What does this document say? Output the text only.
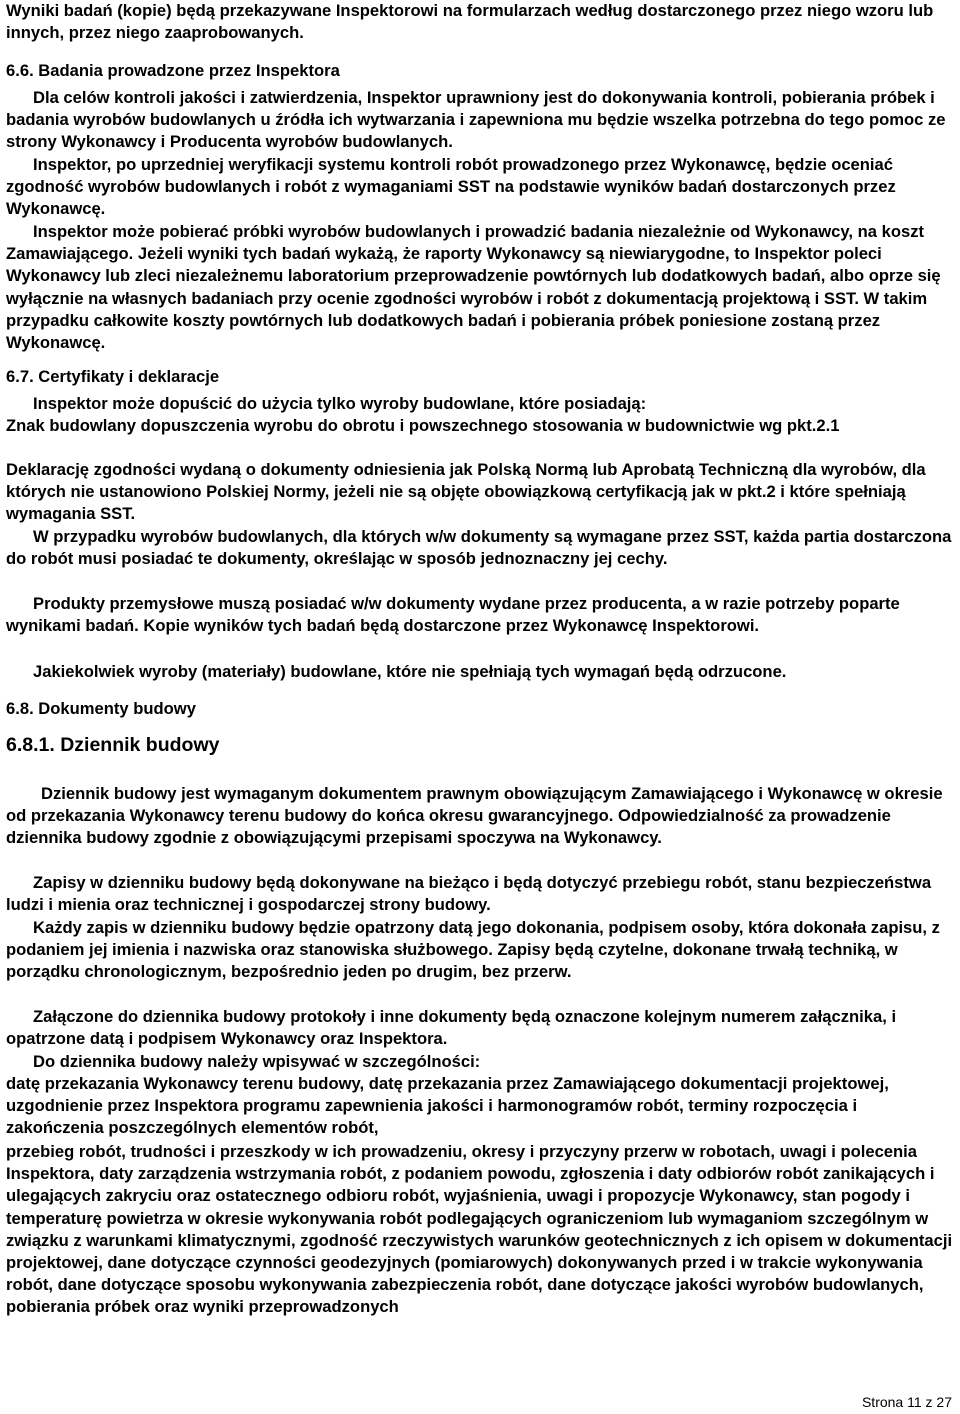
Wyniki badań (kopie) będą przekazywane Inspektorowi na formularzach według dostarczonego przez niego wzoru lub innych, przez niego zaaprobowanych.

6.6. Badania prowadzone przez Inspektora

Dla celów kontroli jakości i zatwierdzenia, Inspektor uprawniony jest do dokonywania kontroli, pobierania próbek i badania wyrobów budowlanych u źródła ich wytwarzania i zapewniona mu będzie wszelka potrzebna do tego pomoc ze strony Wykonawcy i Producenta wyrobów budowlanych.

Inspektor, po uprzedniej weryfikacji systemu kontroli robót prowadzonego przez Wykonawcę, będzie oceniać zgodność wyrobów budowlanych i robót z wymaganiami SST na podstawie wyników badań dostarczonych przez Wykonawcę.

Inspektor może pobierać próbki wyrobów budowlanych i prowadzić badania niezależnie od Wykonawcy, na koszt Zamawiającego. Jeżeli wyniki tych badań wykażą, że raporty Wykonawcy są niewiarygodne, to Inspektor poleci Wykonawcy lub zleci niezależnemu laboratorium przeprowadzenie powtórnych lub dodatkowych badań, albo oprze się wyłącznie na własnych badaniach przy ocenie zgodności wyrobów i robót z dokumentacją projektową i SST. W takim przypadku całkowite koszty powtórnych lub dodatkowych badań i pobierania próbek poniesione zostaną przez Wykonawcę.

6.7. Certyfikaty i deklaracje

Inspektor może dopuścić do użycia tylko wyroby budowlane, które posiadają:

Znak budowlany dopuszczenia wyrobu do obrotu i powszechnego stosowania w budownictwie wg pkt.2.1

Deklarację zgodności wydaną o dokumenty odniesienia jak Polską Normą lub Aprobatą Techniczną dla wyrobów, dla których nie ustanowiono Polskiej Normy, jeżeli nie są objęte obowiązkową certyfikacją jak w pkt.2 i które spełniają wymagania SST.

W przypadku wyrobów budowlanych, dla których w/w dokumenty są wymagane przez SST, każda partia dostarczona do robót musi posiadać te dokumenty, określając w sposób jednoznaczny jej cechy.

Produkty przemysłowe muszą posiadać w/w dokumenty wydane przez producenta, a w razie potrzeby poparte wynikami badań. Kopie wyników tych badań będą dostarczone przez Wykonawcę Inspektorowi.

Jakiekolwiek wyroby (materiały) budowlane, które nie spełniają tych wymagań będą odrzucone.

6.8. Dokumenty budowy
6.8.1. Dziennik budowy

Dziennik budowy jest wymaganym dokumentem prawnym obowiązującym Zamawiającego i Wykonawcę w okresie od przekazania Wykonawcy terenu budowy do końca okresu gwarancyjnego. Odpowiedzialność za prowadzenie dziennika budowy zgodnie z obowiązującymi przepisami spoczywa na Wykonawcy.

Zapisy w dzienniku budowy będą dokonywane na bieżąco i będą dotyczyć przebiegu robót, stanu bezpieczeństwa ludzi i mienia oraz technicznej i gospodarczej strony budowy.

Każdy zapis w dzienniku budowy będzie opatrzony datą jego dokonania, podpisem osoby, która dokonała zapisu, z podaniem jej imienia i nazwiska oraz stanowiska służbowego. Zapisy będą czytelne, dokonane trwałą techniką, w porządku chronologicznym, bezpośrednio jeden po drugim, bez przerw.

Załączone do dziennika budowy protokoły i inne dokumenty będą oznaczone kolejnym numerem załącznika, i opatrzone datą i podpisem Wykonawcy oraz Inspektora.

Do dziennika budowy należy wpisywać w szczególności:

datę przekazania Wykonawcy terenu budowy, datę przekazania przez Zamawiającego dokumentacji projektowej, uzgodnienie przez Inspektora programu zapewnienia jakości i harmonogramów robót, terminy rozpoczęcia i zakończenia poszczególnych elementów robót,

przebieg robót, trudności i przeszkody w ich prowadzeniu, okresy i przyczyny przerw w robotach, uwagi i polecenia Inspektora, daty zarządzenia wstrzymania robót, z podaniem powodu, zgłoszenia i daty odbiorów robót zanikających i ulegających zakryciu oraz ostatecznego odbioru robót, wyjaśnienia, uwagi i propozycje Wykonawcy, stan pogody i temperaturę powietrza w okresie wykonywania robót podlegających ograniczeniom lub wymaganiom szczególnym w związku z warunkami klimatycznymi, zgodność rzeczywistych warunków geotechnicznych z ich opisem w dokumentacji projektowej, dane dotyczące czynności geodezyjnych (pomiarowych) dokonywanych przed i w trakcie wykonywania robót, dane dotyczące sposobu wykonywania zabezpieczenia robót, dane dotyczące jakości wyrobów budowlanych, pobierania próbek oraz wyniki przeprowadzonych

Strona 11 z 27
